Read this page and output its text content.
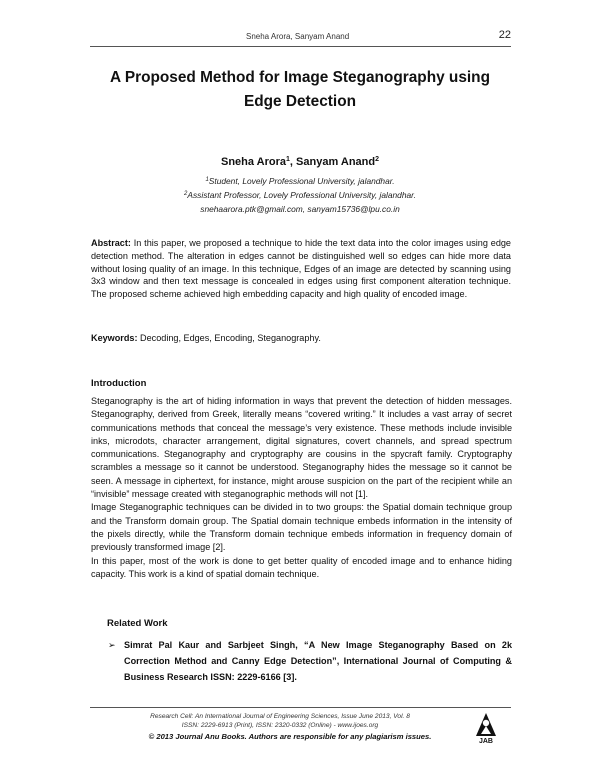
Sneha Arora, Sanyam Anand	22
A Proposed Method for Image Steganography using
Edge Detection
Sneha Arora$^1$, Sanyam Anand$^2$
$^1$Student, Lovely Professional University, jalandhar.
$^2$Assistant Professor, Lovely Professional University, jalandhar.
snehaarora.ptk@gmail.com, sanyam15736@lpu.co.in
Abstract: In this paper, we proposed a technique to hide the text data into the color images using edge detection method. The alteration in edges cannot be distinguished well so edges can hide more data without losing quality of an image. In this technique, Edges of an image are detected by scanning using 3x3 window and then text message is concealed in edges using first component alteration technique. The proposed scheme achieved high embedding capacity and high quality of encoded image.
Keywords: Decoding, Edges, Encoding, Steganography.
Introduction

Steganography is the art of hiding information in ways that prevent the detection of hidden messages. Steganography, derived from Greek, literally means “covered writing.” It includes a vast array of secret communications methods that conceal the message’s very existence. These methods include invisible inks, microdots, character arrangement, digital signatures, covert channels, and spread spectrum communications. Steganography and cryptography are cousins in the spycraft family. Cryptography scrambles a message so it cannot be understood. Steganography hides the message so it cannot be seen. A message in ciphertext, for instance, might arouse suspicion on the part of the recipient while an “invisible” message created with steganographic methods will not [1].

Image Steganographic techniques can be divided in to two groups: the Spatial domain technique group and the Transform domain group. The Spatial domain technique embeds information in the intensity of the pixels directly, while the Transform domain technique embeds information in frequency domain of previously transformed image [2].

In this paper, most of the work is done to get better quality of encoded image and to enhance hiding capacity. This work is a kind of spatial domain technique.

Related Work
➢ Simrat Pal Kaur and Sarbjeet Singh, “A New Image Steganography Based on 2k Correction Method and Canny Edge Detection”, International Journal of Computing & Business Research ISSN: 2229-6166 [3].
Research Cell: An International Journal of Engineering Sciences, Issue June 2013, Vol. 8
ISSN: 2229-6913 (Print), ISSN: 2320-0332 (Online) - www.ijoes.org
© 2013 Journal Anu Books. Authors are responsible for any plagiarism issues.
JAB
